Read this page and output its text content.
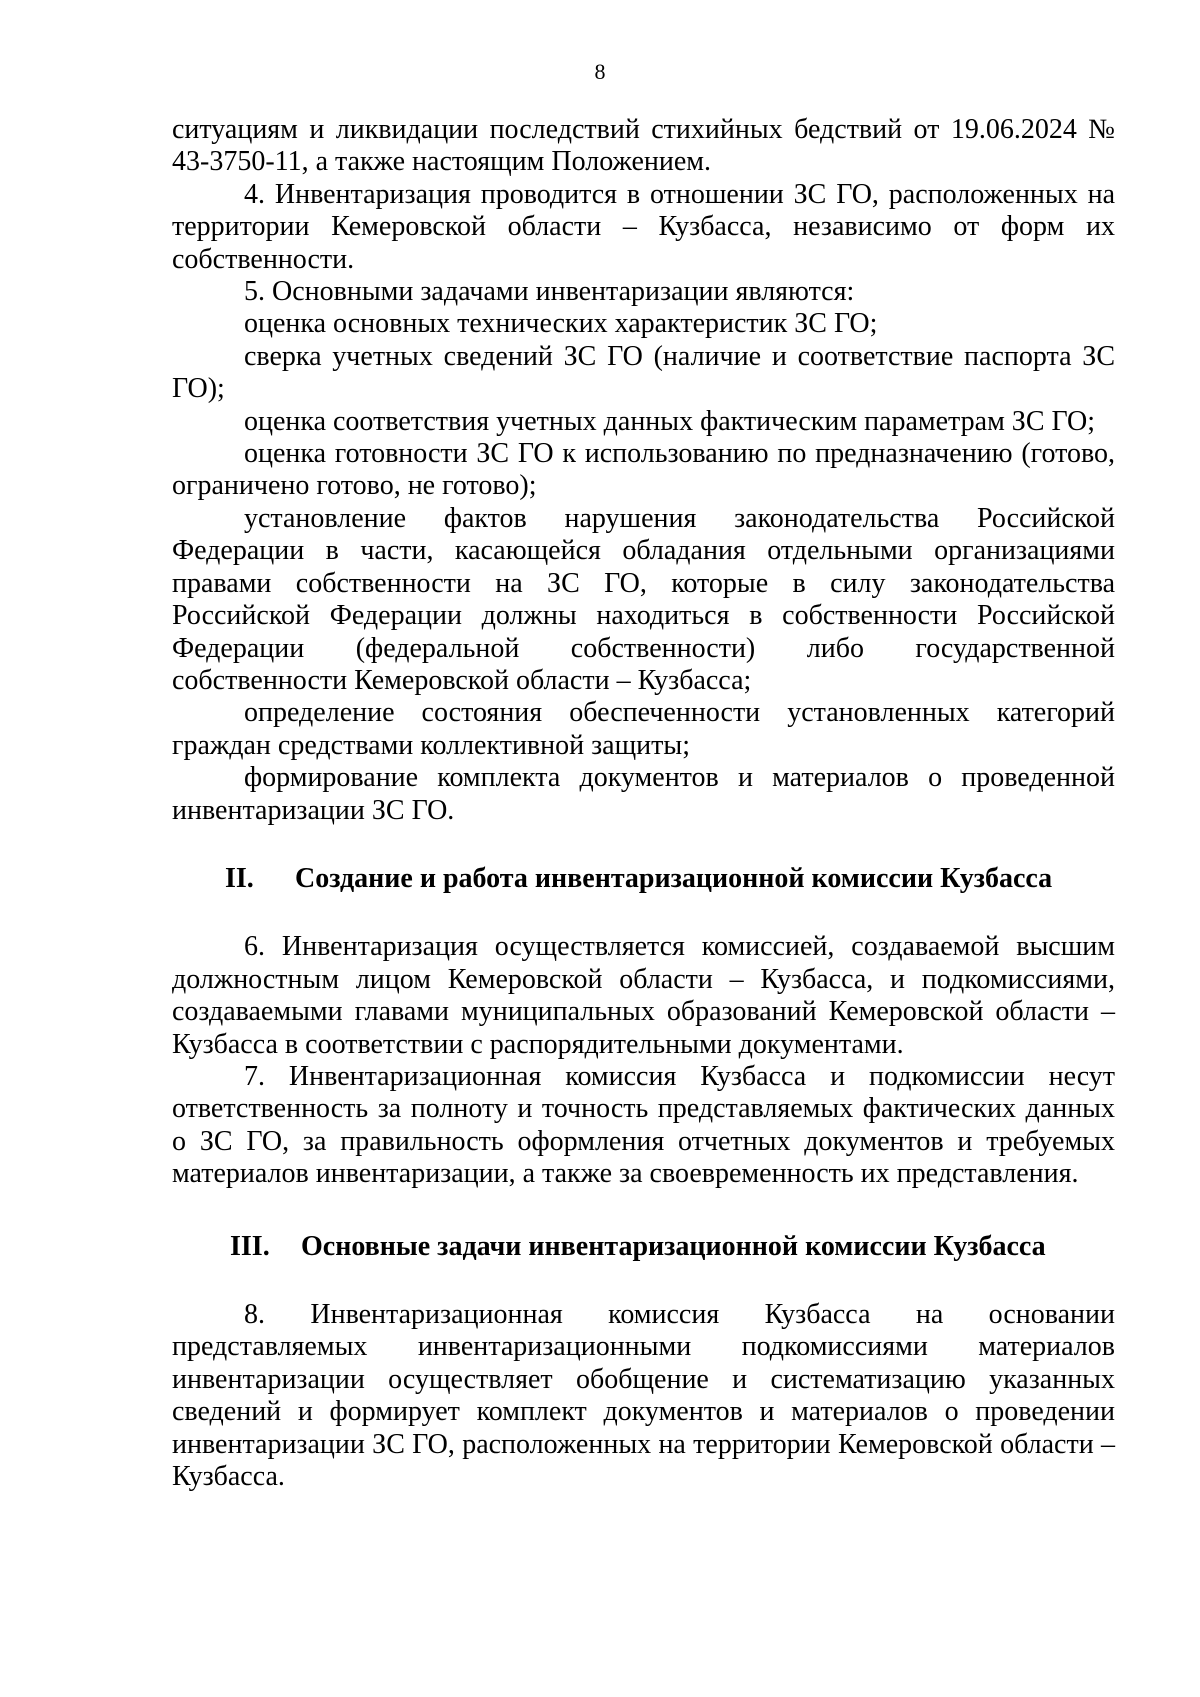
8

ситуациям и ликвидации последствий стихийных бедствий от 19.06.2024 № 43-3750-11, а также настоящим Положением.

4. Инвентаризация проводится в отношении ЗС ГО, расположенных на территории Кемеровской области – Кузбасса, независимо от форм их собственности.

5. Основными задачами инвентаризации являются:

оценка основных технических характеристик ЗС ГО;

сверка учетных сведений ЗС ГО (наличие и соответствие паспорта ЗС ГО);

оценка соответствия учетных данных фактическим параметрам ЗС ГО;

оценка готовности ЗС ГО к использованию по предназначению (готово, ограничено готово, не готово);

установление фактов нарушения законодательства Российской Федерации в части, касающейся обладания отдельными организациями правами собственности на ЗС ГО, которые в силу законодательства Российской Федерации должны находиться в собственности Российской Федерации (федеральной собственности) либо государственной собственности Кемеровской области – Кузбасса;

определение состояния обеспеченности установленных категорий граждан средствами коллективной защиты;

формирование комплекта документов и материалов о проведенной инвентаризации ЗС ГО.

II.	Создание и работа инвентаризационной комиссии Кузбасса

6. Инвентаризация осуществляется комиссией, создаваемой высшим должностным лицом Кемеровской области – Кузбасса, и подкомиссиями, создаваемыми главами муниципальных образований Кемеровской области – Кузбасса в соответствии с распорядительными документами.

7. Инвентаризационная комиссия Кузбасса и подкомиссии несут ответственность за полноту и точность представляемых фактических данных о ЗС ГО, за правильность оформления отчетных документов и требуемых материалов инвентаризации, а также за своевременность их представления.

III.	Основные задачи инвентаризационной комиссии Кузбасса

8. Инвентаризационная комиссия Кузбасса на основании представляемых инвентаризационными подкомиссиями материалов инвентаризации осуществляет обобщение и систематизацию указанных сведений и формирует комплект документов и материалов о проведении инвентаризации ЗС ГО, расположенных на территории Кемеровской области – Кузбасса.
